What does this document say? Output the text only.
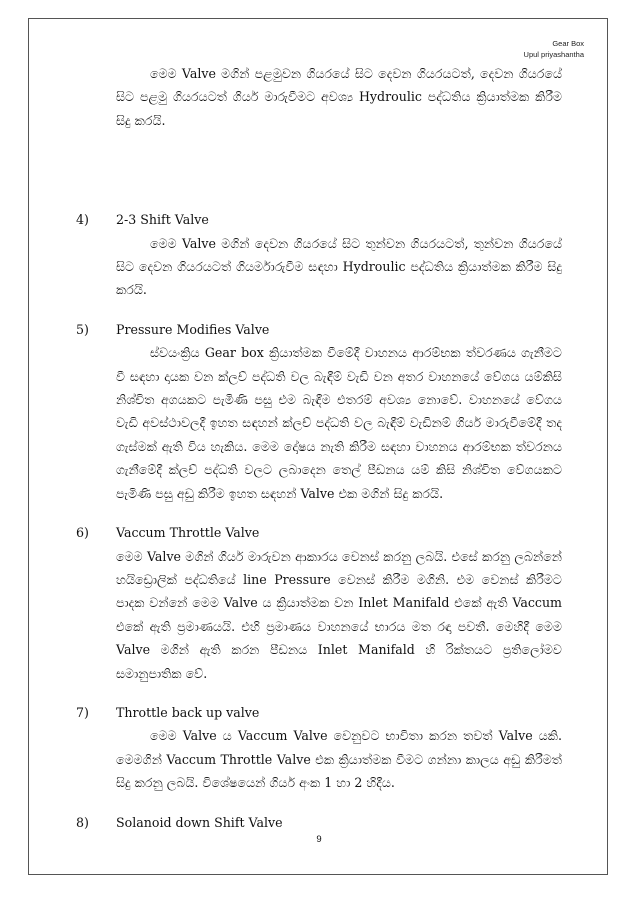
Gear Box
Upul priyashantha

මෙම Valve මගින් පළමුවන ගියරයේ සිට දෙවන ගියරයටත්, දෙවන ගියරයේ සිට පළමු ගියරයටත් ගියර් මාරුවීමට අවශ්‍ය Hydroulic පද්ධතිය ක්‍රියාත්මක කිරීම සිදු කරයි.

4) 2-3 Shift Valve

මෙම Valve මගින් දෙවන ගියරයේ සිට තුන්වන ගියරයටත්, තුන්වන ගියරයේ සිට දෙවන ගියරයටත් ගියර්මාරුවීම සඳහා Hydroulic පද්ධතිය ක්‍රියාත්මක කිරීම සිදු කරයි.

5) Pressure Modifies Valve

ස්වයංක්‍රිය Gear box ක්‍රියාත්මක වීමේදී වාහනය ආරම්භක ත්වරණය ගැනීමට වී සඳහා දායක වන ක්ලච් පද්ධති වල බැඳීම් වැඩි වන අතර වාහනයේ වේගය යම්කිසි නිශ්චිත අගයකට පැමිණි පසු එම බැඳීම එතරම් අවශ්‍ය නොවේ. වාහනයේ වේගය වැඩි අවස්ථාවලදී ඉහත සඳහන් ක්ලච් පද්ධති වල බැඳීම් වැඩිනම් ගියර් මාරුවීමේදී තද ගැස්මක් ඇති විය හැකිය. මෙම දෝෂය නැති කිරීම සඳහා වාහනය ආරම්භක ත්වරනය ගැනීමේදී ක්ලච් පද්ධති වලට ලබාදෙන තෙල් පීඩනය යම් කිසි නිශ්චිත වේගයකට පැමිණි පසු අඩු කිරීම ඉහත සඳහන් Valve එක මගින් සිදු කරයි.

6) Vaccum Throttle Valve

මෙම Valve මගින් ගියර් මාරුවන ආකාරය වෙනස් කරනු ලබයි. එසේ කරනු ලබන්නේ හයිඩ්‍රොලික් පද්ධතියේ line Pressure වෙනස් කිරීම මගිනි. එම වෙනස් කිරීමට පාදක වන්නේ මෙම Valve ය ක්‍රියාත්මක වන Inlet Manifald එකේ ඇති Vaccum එකේ ඇති ප්‍රමාණයයි. එහි ප්‍රමාණය වාහනයේ භාරය මත රඳා පවතී. මෙහිදී මෙම Valve මගින් ඇති කරන පීඩනය Inlet Manifald හි රික්තයට ප්‍රතිලෝමව සමානුපාතික වේ.

7) Throttle back up valve

මෙම Valve ය Vaccum Valve වෙනුවට භාවිතා කරන තවත් Valve යකි. මෙමගින් Vaccum Throttle Valve එක ක්‍රියාත්මක වීමට ගන්නා කාලය අඩු කිරීමත් සිදු කරනු ලබයි. විශේෂයෙන් ගියර් අංක 1 හා 2 හිදීය.

8) Solanoid down Shift Valve
9
